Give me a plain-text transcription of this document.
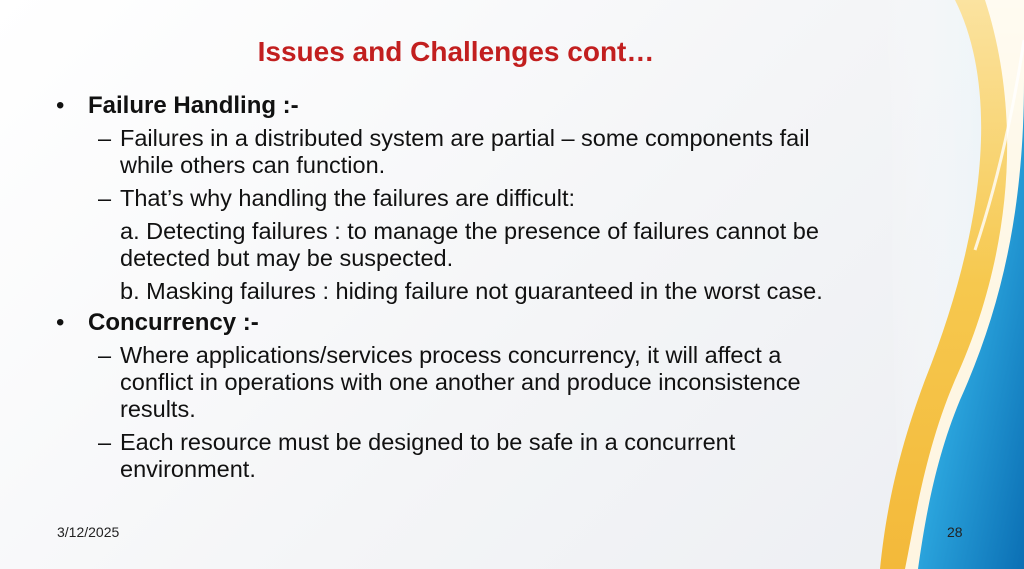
Issues and Challenges cont…
• Failure Handling :-
– Failures in a distributed system are partial – some components fail while others can function.
– That’s why handling the failures are difficult:
a. Detecting failures : to manage the presence of failures cannot be detected but may be suspected.
b. Masking failures : hiding failure not guaranteed in the worst case.
• Concurrency :-
– Where applications/services process concurrency, it will affect a conflict in operations with one another and produce inconsistence results.
– Each resource must be designed to be safe in a concurrent environment.
3/12/2025	28
